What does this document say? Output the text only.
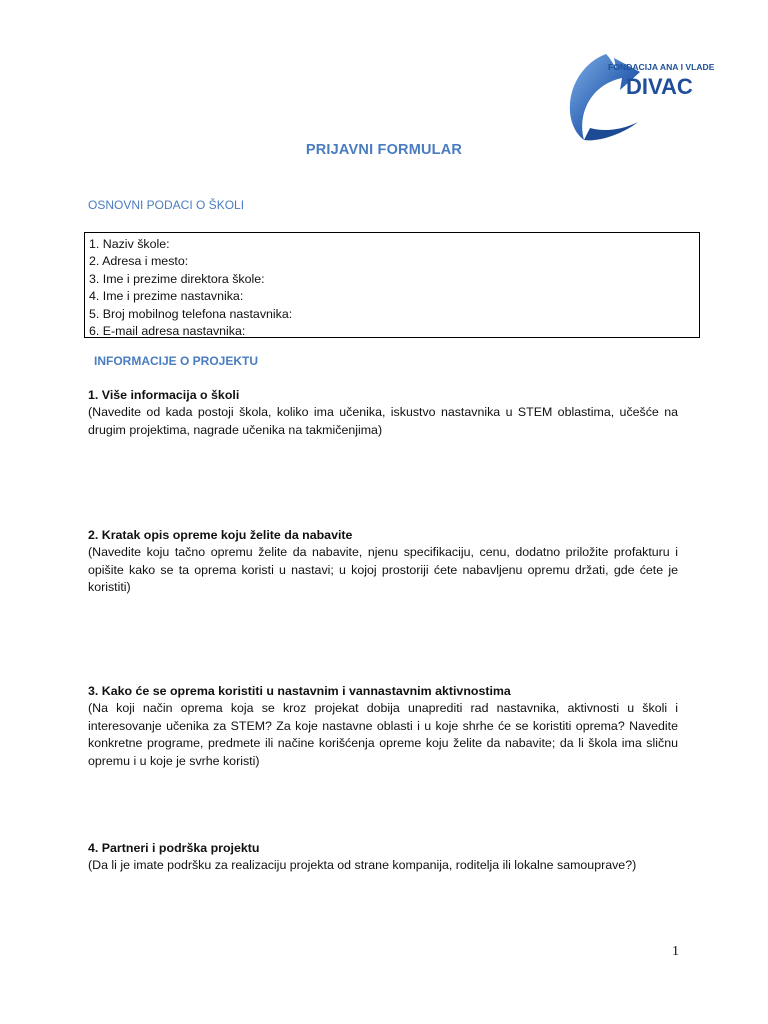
FONDACIJA ANA I VLADE
DIVAC
PRIJAVNI FORMULAR
OSNOVNI PODACI O ŠKOLI
1. Naziv škole:
2. Adresa i mesto:
3. Ime i prezime direktora škole:
4. Ime i prezime nastavnika:
5. Broj mobilnog telefona nastavnika:
6. E-mail adresa nastavnika:
INFORMACIJE O PROJEKTU
1. Više informacija o školi
(Navedite od kada postoji škola, koliko ima učenika, iskustvo nastavnika u STEM oblastima, učešće na drugim projektima, nagrade učenika na takmičenjima)
2. Kratak opis opreme koju želite da nabavite
(Navedite koju tačno opremu želite da nabavite, njenu specifikaciju, cenu, dodatno priložite profakturu i opišite kako se ta oprema koristi u nastavi; u kojoj prostoriji ćete nabavljenu opremu držati, gde ćete je koristiti)
3. Kako će se oprema koristiti u nastavnim i vannastavnim aktivnostima
(Na koji način oprema koja se kroz projekat dobija unaprediti rad nastavnika, aktivnosti u školi i interesovanje učenika za STEM? Za koje nastavne oblasti i u koje shrhe će se koristiti oprema? Navedite konkretne programe, predmete ili načine korišćenja opreme koju želite da nabavite; da li škola ima sličnu opremu i u koje je svrhe koristi)
4. Partneri i podrška projektu
(Da li je imate podršku za realizaciju projekta od strane kompanija, roditelja ili lokalne samouprave?)
1
